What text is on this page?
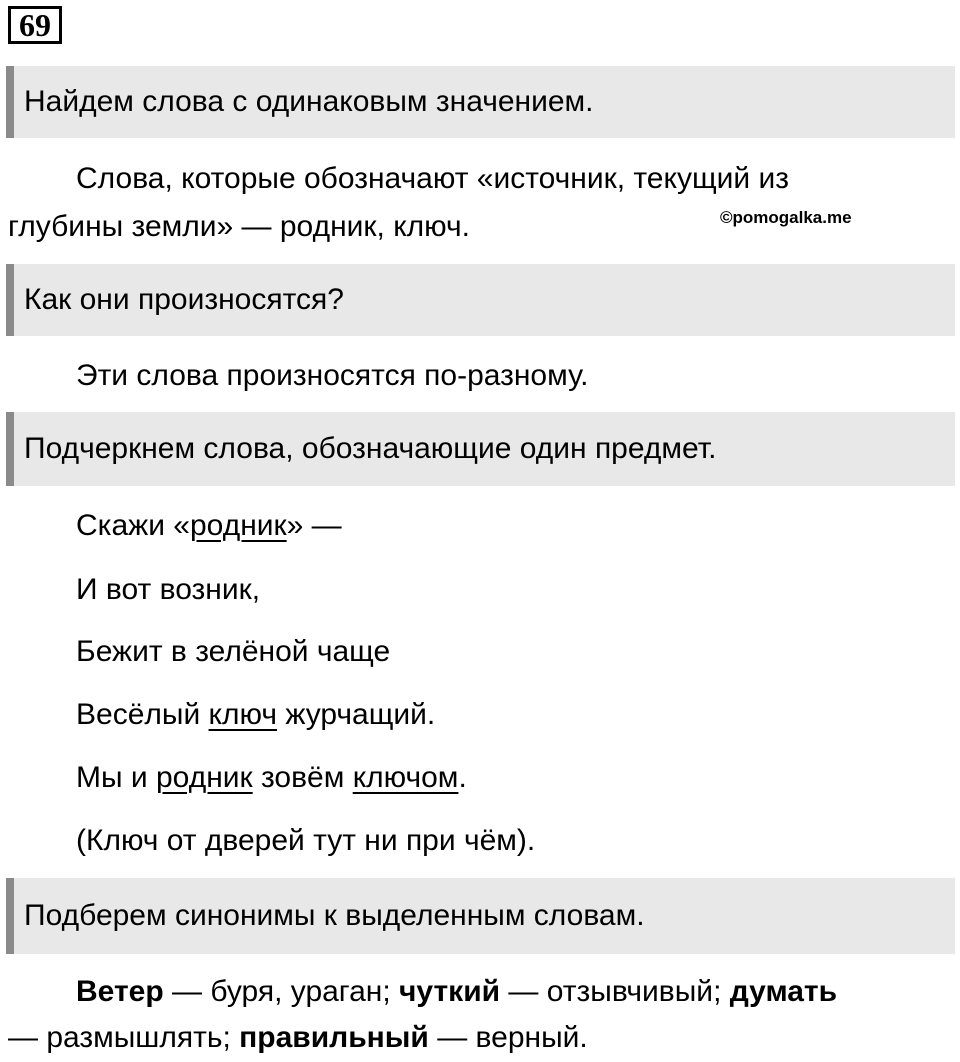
69
Найдем слова с одинаковым значением.
Слова, которые обозначают «источник, текущий из
глубины земли» — родник, ключ.	©pomogalka.me
Как они произносятся?
Эти слова произносятся по-разному.
Подчеркнем слова, обозначающие один предмет.
Скажи «родник» —
И вот возник,
Бежит в зелёной чаще
Весёлый ключ журчащий.
Мы и родник зовём ключом.
(Ключ от дверей тут ни при чём).
Подберем синонимы к выделенным словам.
Ветер — буря, ураган; чуткий — отзывчивый; думать
— размышлять; правильный — верный.
